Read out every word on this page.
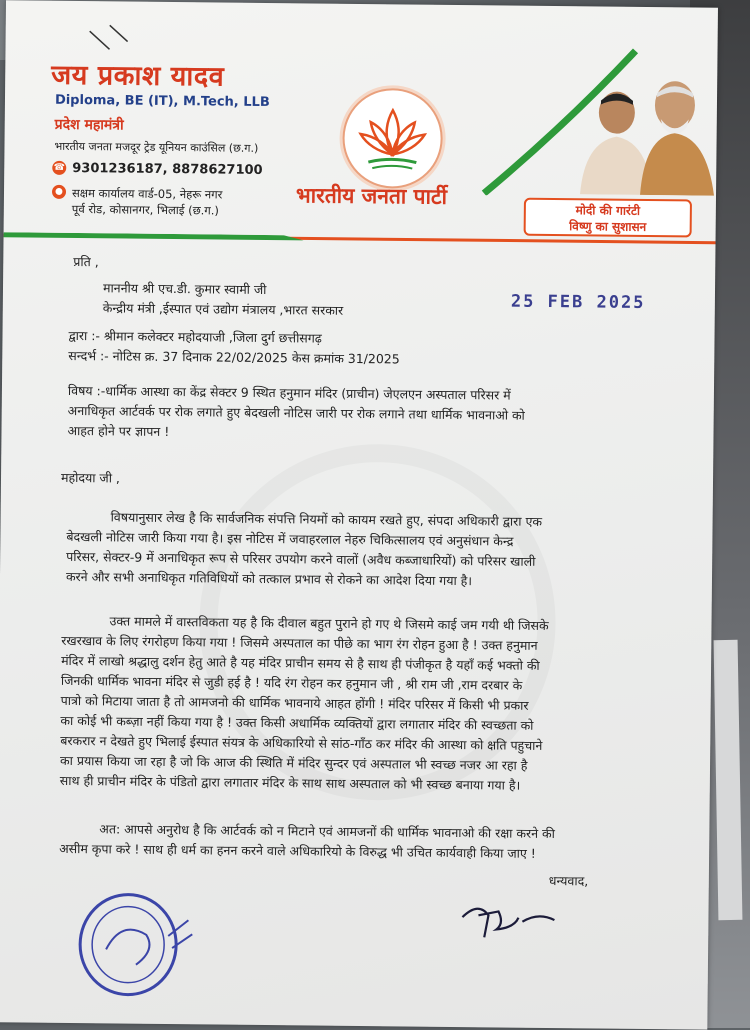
जय प्रकाश यादव
Diploma, BE (IT), M.Tech, LLB
प्रदेश महामंत्री
भारतीय जनता मजदूर ट्रेड यूनियन काउंसिल (छ.ग.)
☎ 9301236187, 8878627100
● सक्षम कार्यालय वार्ड-05, नेहरू नगर
पूर्व रोड, कोसानगर, भिलाई (छ.ग.)
भारतीय जनता पार्टी
मोदी की गारंटी
विष्णु का सुशासन
प्रति ,
माननीय श्री एच.डी. कुमार स्वामी जी
केन्द्रीय मंत्री ,ईस्पात एवं उद्योग मंत्रालय ,भारत सरकार	25 FEB 2025
द्वारा :- श्रीमान कलेक्टर महोदयाजी ,जिला दुर्ग छत्तीसगढ़
सन्दर्भ :- नोटिस क्र. 37 दिनाक 22/02/2025 केस क्रमांक 31/2025

विषय :-धार्मिक आस्था का केंद्र सेक्टर 9 स्थित हनुमान मंदिर (प्राचीन) जेएलएन अस्पताल परिसर में

अनाधिकृत आर्टवर्क पर रोक लगाते हुए बेदखली नोटिस जारी पर रोक लगाने तथा धार्मिक भावनाओ को

आहत होने पर ज्ञापन !

महोदया जी ,

विषयानुसार लेख है कि सार्वजनिक संपत्ति नियमों को कायम रखते हुए, संपदा अधिकारी द्वारा एक

बेदखली नोटिस जारी किया गया है। इस नोटिस में जवाहरलाल नेहरु चिकित्सालय एवं अनुसंधान केन्द्र

परिसर, सेक्टर-9 में अनाधिकृत रूप से परिसर उपयोग करने वालों (अवैध कब्जाधारियों) को परिसर खाली

करने और सभी अनाधिकृत गतिविधियों को तत्काल प्रभाव से रोकने का आदेश दिया गया है।

उक्त मामले में वास्तविकता यह है कि दीवाल बहुत पुराने हो गए थे जिसमे काई जम गयी थी जिसके

रखरखाव के लिए रंगरोहण किया गया ! जिसमे अस्पताल का पीछे का भाग रंग रोहन हुआ है ! उक्त हनुमान

मंदिर में लाखो श्रद्धालु दर्शन हेतु आते है यह मंदिर प्राचीन समय से है साथ ही पंजीकृत है यहाँ कई भक्तो की

जिनकी धार्मिक भावना मंदिर से जुडी हई है ! यदि रंग रोहन कर हनुमान जी , श्री राम जी ,राम दरबार के

पात्रो को मिटाया जाता है तो आमजनो की धार्मिक भावनाये आहत होंगी ! मंदिर परिसर में किसी भी प्रकार

का कोई भी कब्ज़ा नहीं किया गया है ! उक्त किसी अधार्मिक व्यक्तियों द्वारा लगातार मंदिर की स्वच्छता को

बरकरार न देखते हुए भिलाई ईस्पात संयत्र के अधिकारियो से सांठ-गाँठ कर मंदिर की आस्था को क्षति पहुचाने

का प्रयास किया जा रहा है जो कि आज की स्थिति में मंदिर सुन्दर एवं अस्पताल भी स्वच्छ नजर आ रहा है

साथ ही प्राचीन मंदिर के पंडितो द्वारा लगातार मंदिर के साथ साथ अस्पताल को भी स्वच्छ बनाया गया है।

अत: आपसे अनुरोध है कि आर्टवर्क को न मिटाने एवं आमजनों की धार्मिक भावनाओ की रक्षा करने की

असीम कृपा करे ! साथ ही धर्म का हनन करने वाले अधिकारियो के विरुद्ध भी उचित कार्यवाही किया जाए !

धन्यवाद,
